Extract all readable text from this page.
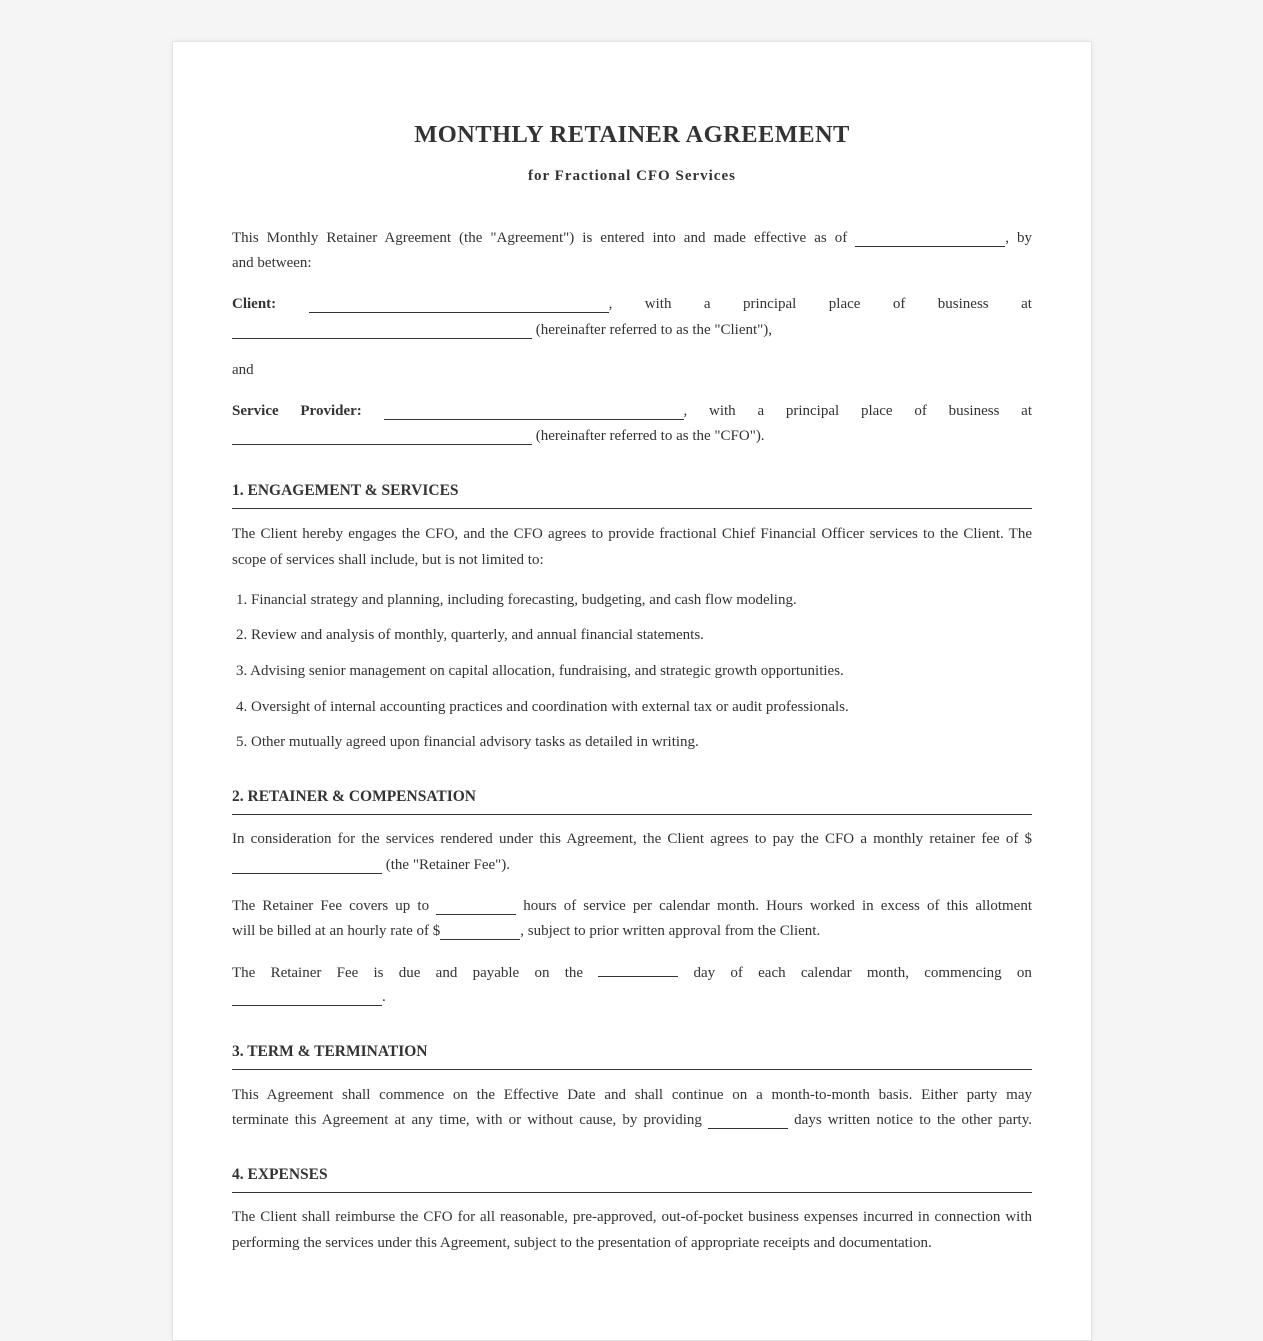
MONTHLY RETAINER AGREEMENT
for Fractional CFO Services
This Monthly Retainer Agreement (the "Agreement") is entered into and made effective as of	, by
and between:
Client:	, with a principal place of business at
(hereinafter referred to as the "Client"),
and
Service Provider:	, with a principal place of business at
(hereinafter referred to as the "CFO").
1. ENGAGEMENT & SERVICES
The Client hereby engages the CFO, and the CFO agrees to provide fractional Chief Financial Officer services to the Client. The scope of services shall include, but is not limited to:
1. Financial strategy and planning, including forecasting, budgeting, and cash flow modeling.
2. Review and analysis of monthly, quarterly, and annual financial statements.
3. Advising senior management on capital allocation, fundraising, and strategic growth opportunities.
4. Oversight of internal accounting practices and coordination with external tax or audit professionals.
5. Other mutually agreed upon financial advisory tasks as detailed in writing.
2. RETAINER & COMPENSATION
In consideration for the services rendered under this Agreement, the Client agrees to pay the CFO a monthly retainer fee of $
(the "Retainer Fee").
The Retainer Fee covers up to	hours of service per calendar month. Hours worked in excess of this allotment
will be billed at an hourly rate of $	, subject to prior written approval from the Client.
The Retainer Fee is due and payable on the	day of each calendar month, commencing on
.
3. TERM & TERMINATION
This Agreement shall commence on the Effective Date and shall continue on a month-to-month basis. Either party may
terminate this Agreement at any time, with or without cause, by providing	days written notice to the other party.
4. EXPENSES
The Client shall reimburse the CFO for all reasonable, pre-approved, out-of-pocket business expenses incurred in connection with performing the services under this Agreement, subject to the presentation of appropriate receipts and documentation.
